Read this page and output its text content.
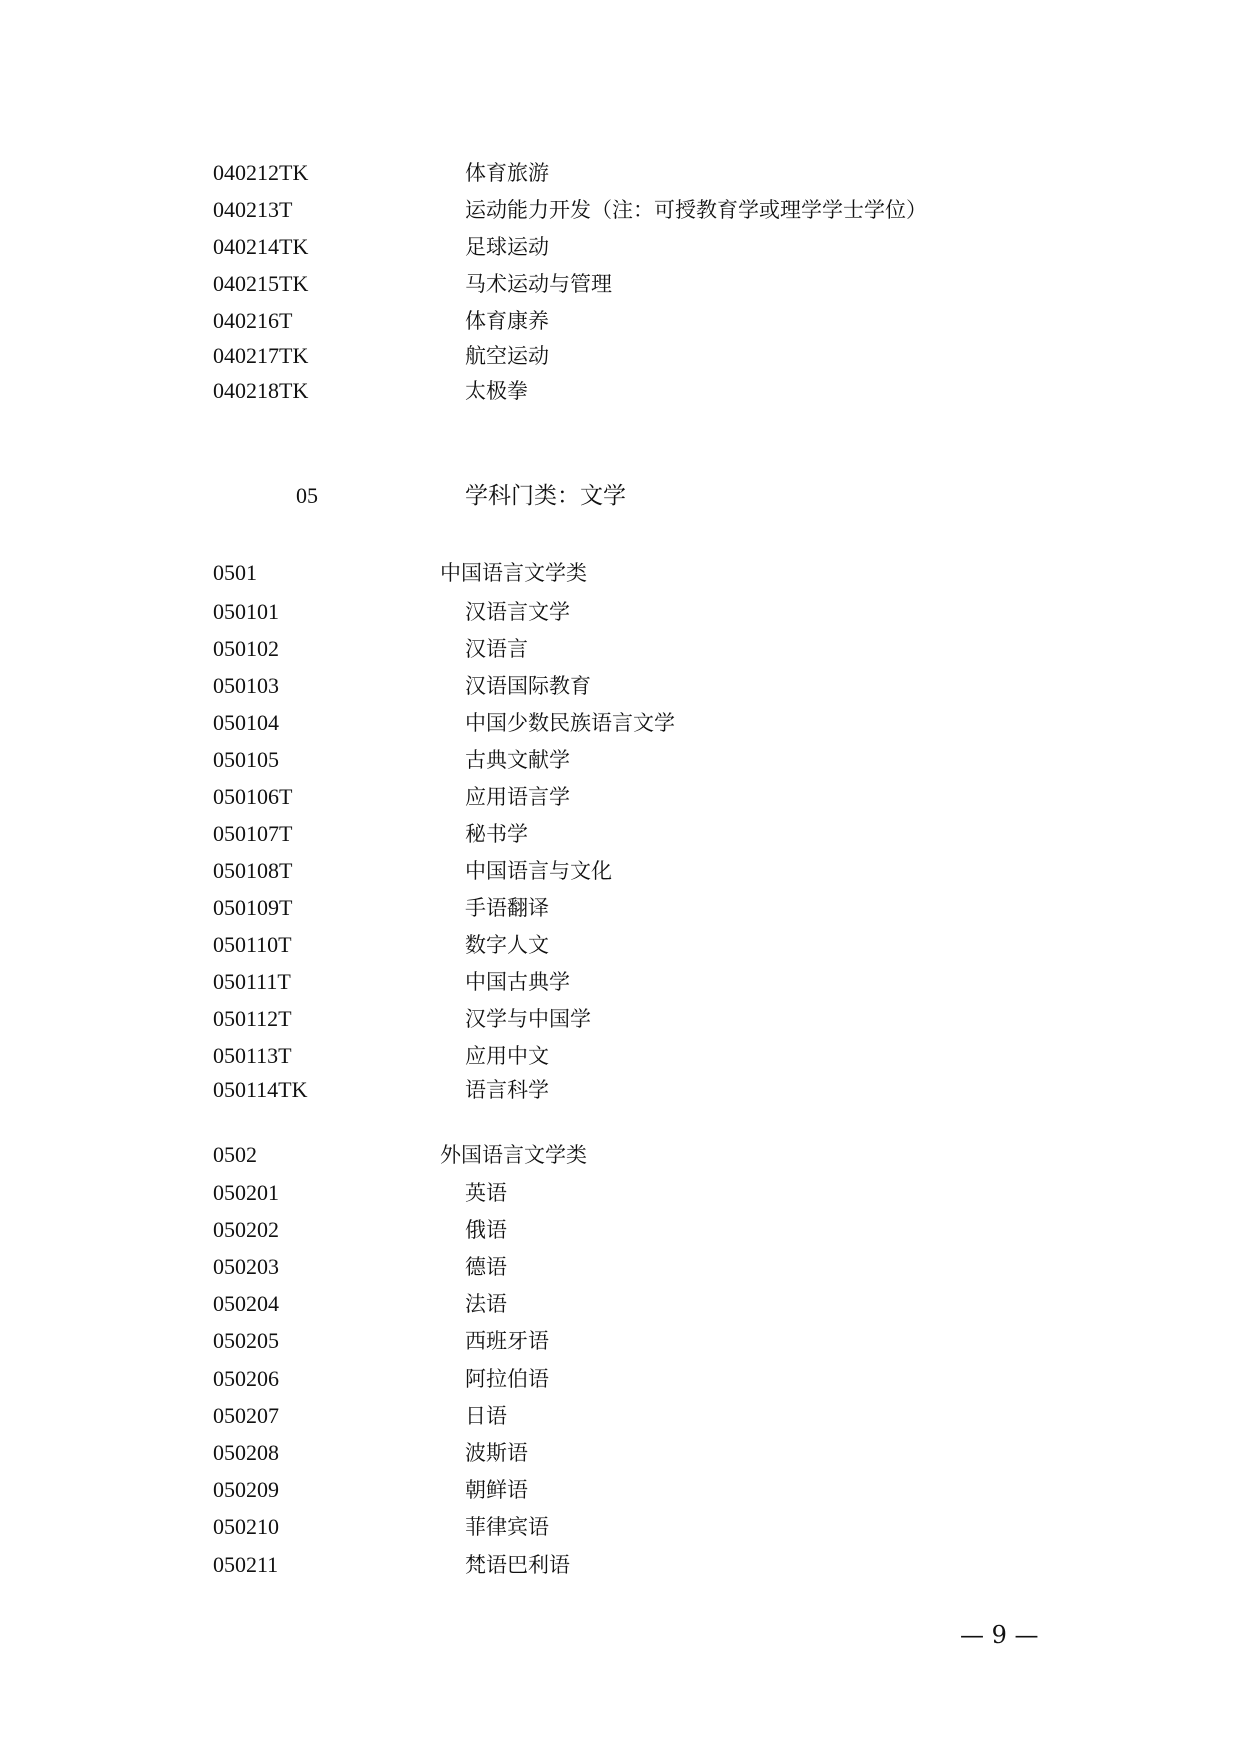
040212TK	体育旅游
040213T	运动能力开发（注：可授教育学或理学学士学位）
040214TK	足球运动
040215TK	马术运动与管理
040216T	体育康养
040217TK	航空运动
040218TK	太极拳
05	学科门类：文学
0501	中国语言文学类
050101	汉语言文学
050102	汉语言
050103	汉语国际教育
050104	中国少数民族语言文学
050105	古典文献学
050106T	应用语言学
050107T	秘书学
050108T	中国语言与文化
050109T	手语翻译
050110T	数字人文
050111T	中国古典学
050112T	汉学与中国学
050113T	应用中文
050114TK	语言科学
0502	外国语言文学类
050201	英语
050202	俄语
050203	德语
050204	法语
050205	西班牙语
050206	阿拉伯语
050207	日语
050208	波斯语
050209	朝鲜语
050210	菲律宾语
050211	梵语巴利语
— 9 —
